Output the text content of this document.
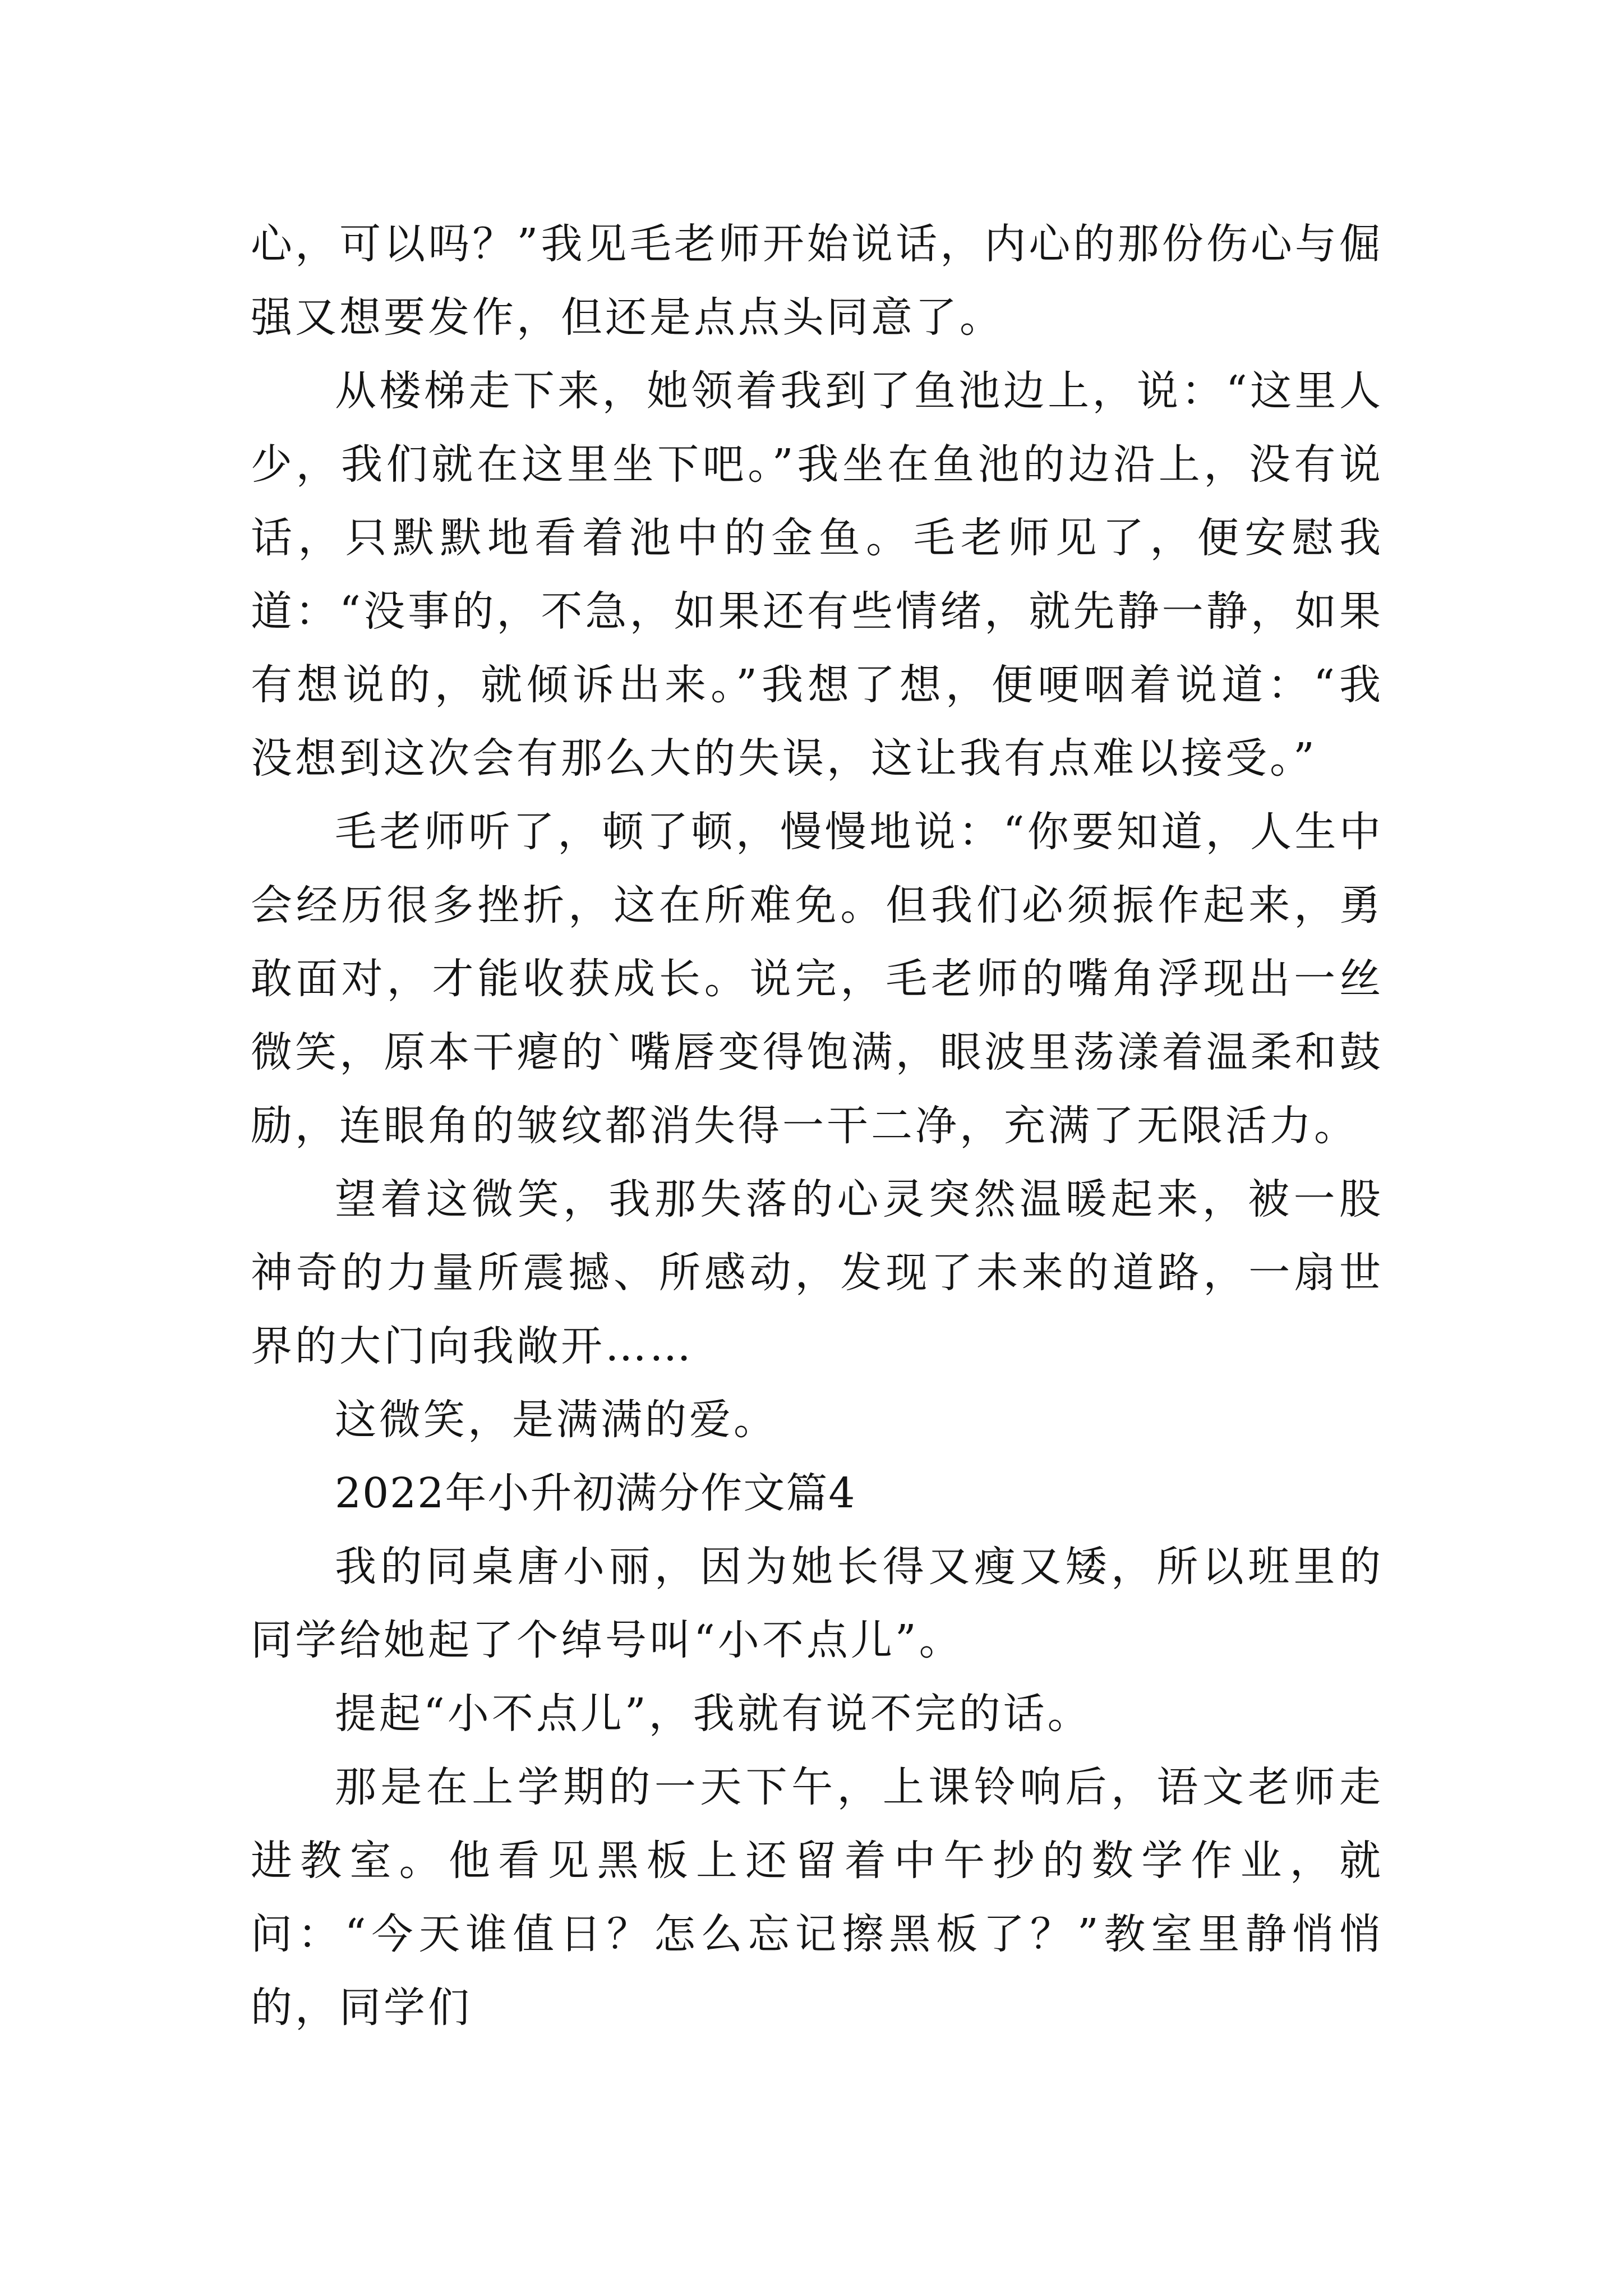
心，可以吗？”我见毛老师开始说话，内心的那份伤心与倔强又想要发作，但还是点点头同意了。

从楼梯走下来，她领着我到了鱼池边上，说：“这里人少，我们就在这里坐下吧。”我坐在鱼池的边沿上，没有说话，只默默地看着池中的金鱼。毛老师见了，便安慰我道：“没事的，不急，如果还有些情绪，就先静一静，如果有想说的，就倾诉出来。”我想了想，便哽咽着说道：“我没想到这次会有那么大的失误，这让我有点难以接受。”

毛老师听了，顿了顿，慢慢地说：“你要知道，人生中会经历很多挫折，这在所难免。但我们必须振作起来，勇敢面对，才能收获成长。说完，毛老师的嘴角浮现出一丝微笑，原本干瘪的`嘴唇变得饱满，眼波里荡漾着温柔和鼓励，连眼角的皱纹都消失得一干二净，充满了无限活力。

望着这微笑，我那失落的心灵突然温暖起来，被一股神奇的力量所震撼、所感动，发现了未来的道路，一扇世界的大门向我敞开……

这微笑，是满满的爱。

2022年小升初满分作文篇4

我的同桌唐小丽，因为她长得又瘦又矮，所以班里的同学给她起了个绰号叫“小不点儿”。

提起“小不点儿”，我就有说不完的话。

那是在上学期的一天下午，上课铃响后，语文老师走进教室。他看见黑板上还留着中午抄的数学作业，就问：“今天谁值日？怎么忘记擦黑板了？”教室里静悄悄的，同学们
